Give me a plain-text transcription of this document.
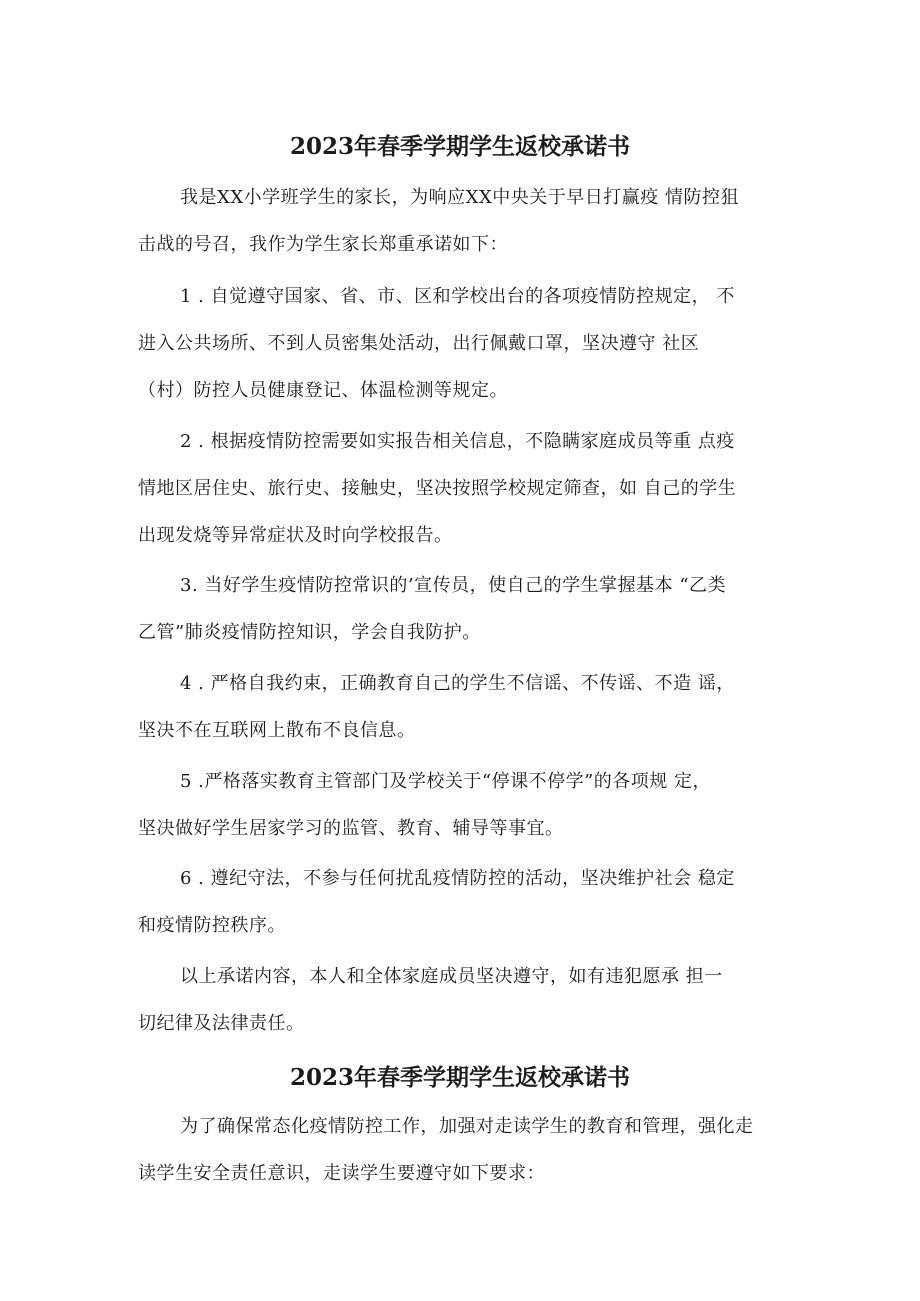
2023年春季学期学生返校承诺书
我是XX小学班学生的家长，为响应XX中央关于早日打赢疫 情防控狙
击战的号召，我作为学生家长郑重承诺如下：
1 . 自觉遵守国家、省、市、区和学校出台的各项疫情防控规定， 不
进入公共场所、不到人员密集处活动，出行佩戴口罩，坚决遵守 社区
（村）防控人员健康登记、体温检测等规定。
2 . 根据疫情防控需要如实报告相关信息，不隐瞒家庭成员等重 点疫
情地区居住史、旅行史、接触史，坚决按照学校规定筛查，如 自己的学生
出现发烧等异常症状及时向学校报告。
3. 当好学生疫情防控常识的’宣传员，使自己的学生掌握基本 “乙类
乙管”肺炎疫情防控知识，学会自我防护。
4 . 严格自我约束，正确教育自己的学生不信谣、不传谣、不造 谣，
坚决不在互联网上散布不良信息。
5 .严格落实教育主管部门及学校关于“停课不停学”的各项规 定，
坚决做好学生居家学习的监管、教育、辅导等事宜。
6 . 遵纪守法，不参与任何扰乱疫情防控的活动，坚决维护社会 稳定
和疫情防控秩序。
以上承诺内容，本人和全体家庭成员坚决遵守，如有违犯愿承 担一
切纪律及法律责任。
2023年春季学期学生返校承诺书
为了确保常态化疫情防控工作，加强对走读学生的教育和管理，强化走
读学生安全责任意识，走读学生要遵守如下要求：
